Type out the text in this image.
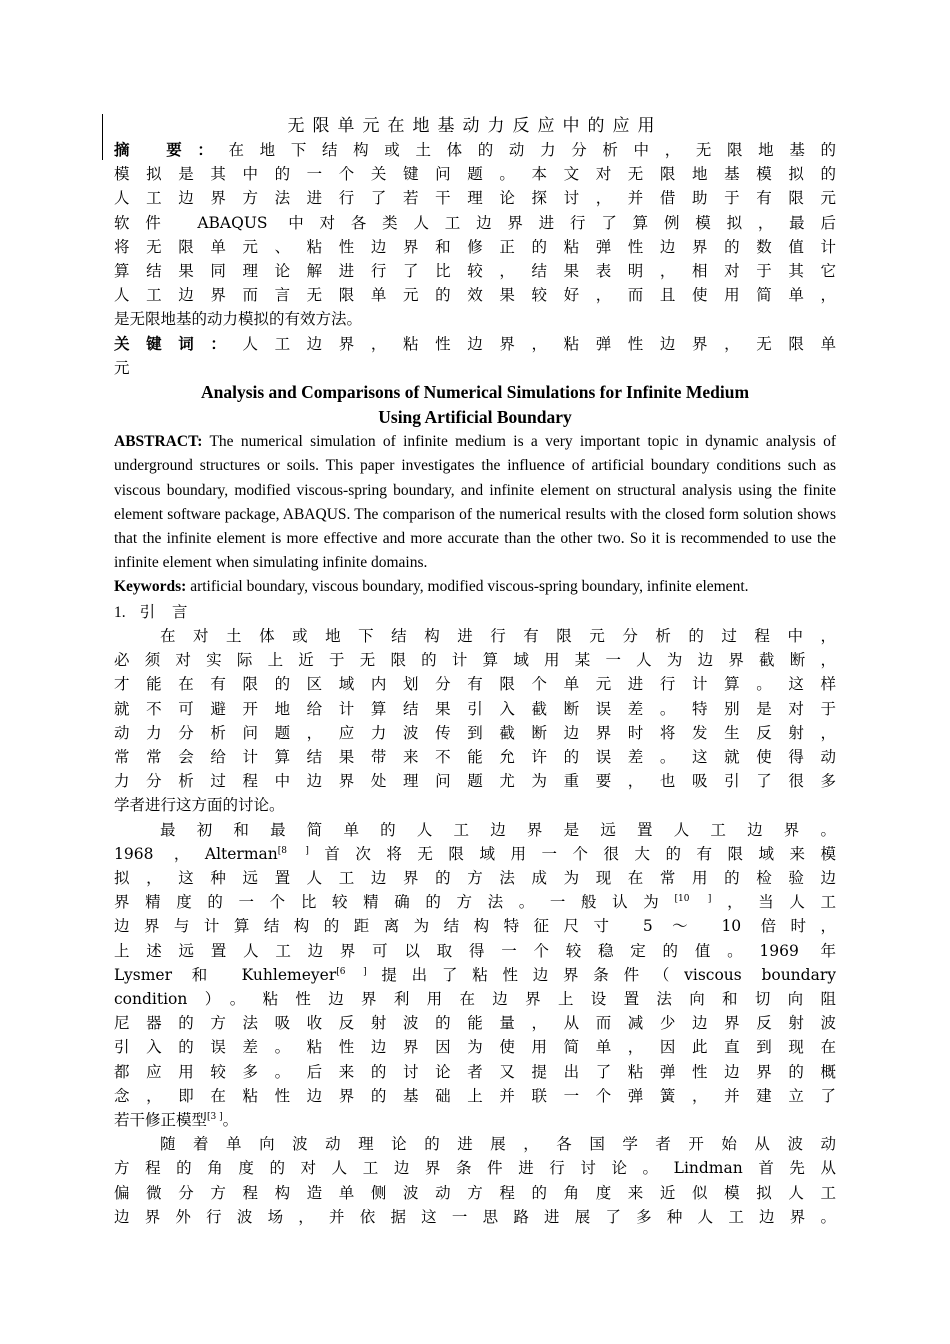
无限单元在地基动力反应中的应用

摘 要：在地下结构或土体的动力分析中，无限地基的

模拟是其中的一个关键问题。本文对无限地基模拟的

人工边界方法进行了若干理论探讨，并借助于有限元

软件 ABAQUS 中对各类人工边界进行了算例模拟，最后

将无限单元、粘性边界和修正的粘弹性边界的数值计

算结果同理论解进行了比较，结果表明，相对于其它

人工边界而言无限单元的效果较好，而且使用简单，

是无限地基的动力模拟的有效方法。

关键词：人工边界，粘性边界，粘弹性边界，无限单

元

Analysis and Comparisons of Numerical Simulations for Infinite Medium
Using Artificial Boundary
ABSTRACT: The numerical simulation of infinite medium is a very important topic in dynamic analysis of underground structures or soils. This paper investigates the influence of artificial boundary conditions such as viscous boundary, modified viscous-spring boundary, and infinite element on structural analysis using the finite element software package, ABAQUS. The comparison of the numerical results with the closed form solution shows that the infinite element is more effective and more accurate than the other two. So it is recommended to use the infinite element when simulating infinite domains.
Keywords: artificial boundary, viscous boundary, modified viscous-spring boundary, infinite element.
1. 引 言

在对土体或地下结构进行有限元分析的过程中，

必须对实际上近于无限的计算域用某一人为边界截断，

才能在有限的区域内划分有限个单元进行计算。这样

就不可避开地给计算结果引入截断误差。特别是对于

动力分析问题，应力波传到截断边界时将发生反射，

常常会给计算结果带来不能允许的误差。这就使得动

力分析过程中边界处理问题尤为重要，也吸引了很多

学者进行这方面的讨论。

最初和最简单的人工边界是远置人工边界。

1968 ，Alterman[8 ]首次将无限域用一个很大的有限域来模

拟，这种远置人工边界的方法成为现在常用的检验边

界精度的一个比较精确的方法。一般认为[10 ]，当人工

边界与计算结构的距离为结构特征尺寸 5 ～ 10 倍时，

上述远置人工边界可以取得一个较稳定的值。1969 年

Lysmer 和 Kuhlemeyer[6 ]提出了粘性边界条件（viscous boundary

condition）。粘性边界利用在边界上设置法向和切向阻

尼器的方法吸收反射波的能量，从而减少边界反射波

引入的误差。粘性边界因为使用简单，因此直到现在

都应用较多。后来的讨论者又提出了粘弹性边界的概

念，即在粘性边界的基础上并联一个弹簧，并建立了

若干修正模型[3 ]。

随着单向波动理论的进展，各国学者开始从波动

方程的角度的对人工边界条件进行讨论。Lindman首先从

偏微分方程构造单侧波动方程的角度来近似模拟人工

边界外行波场，并依据这一思路进展了多种人工边界。
